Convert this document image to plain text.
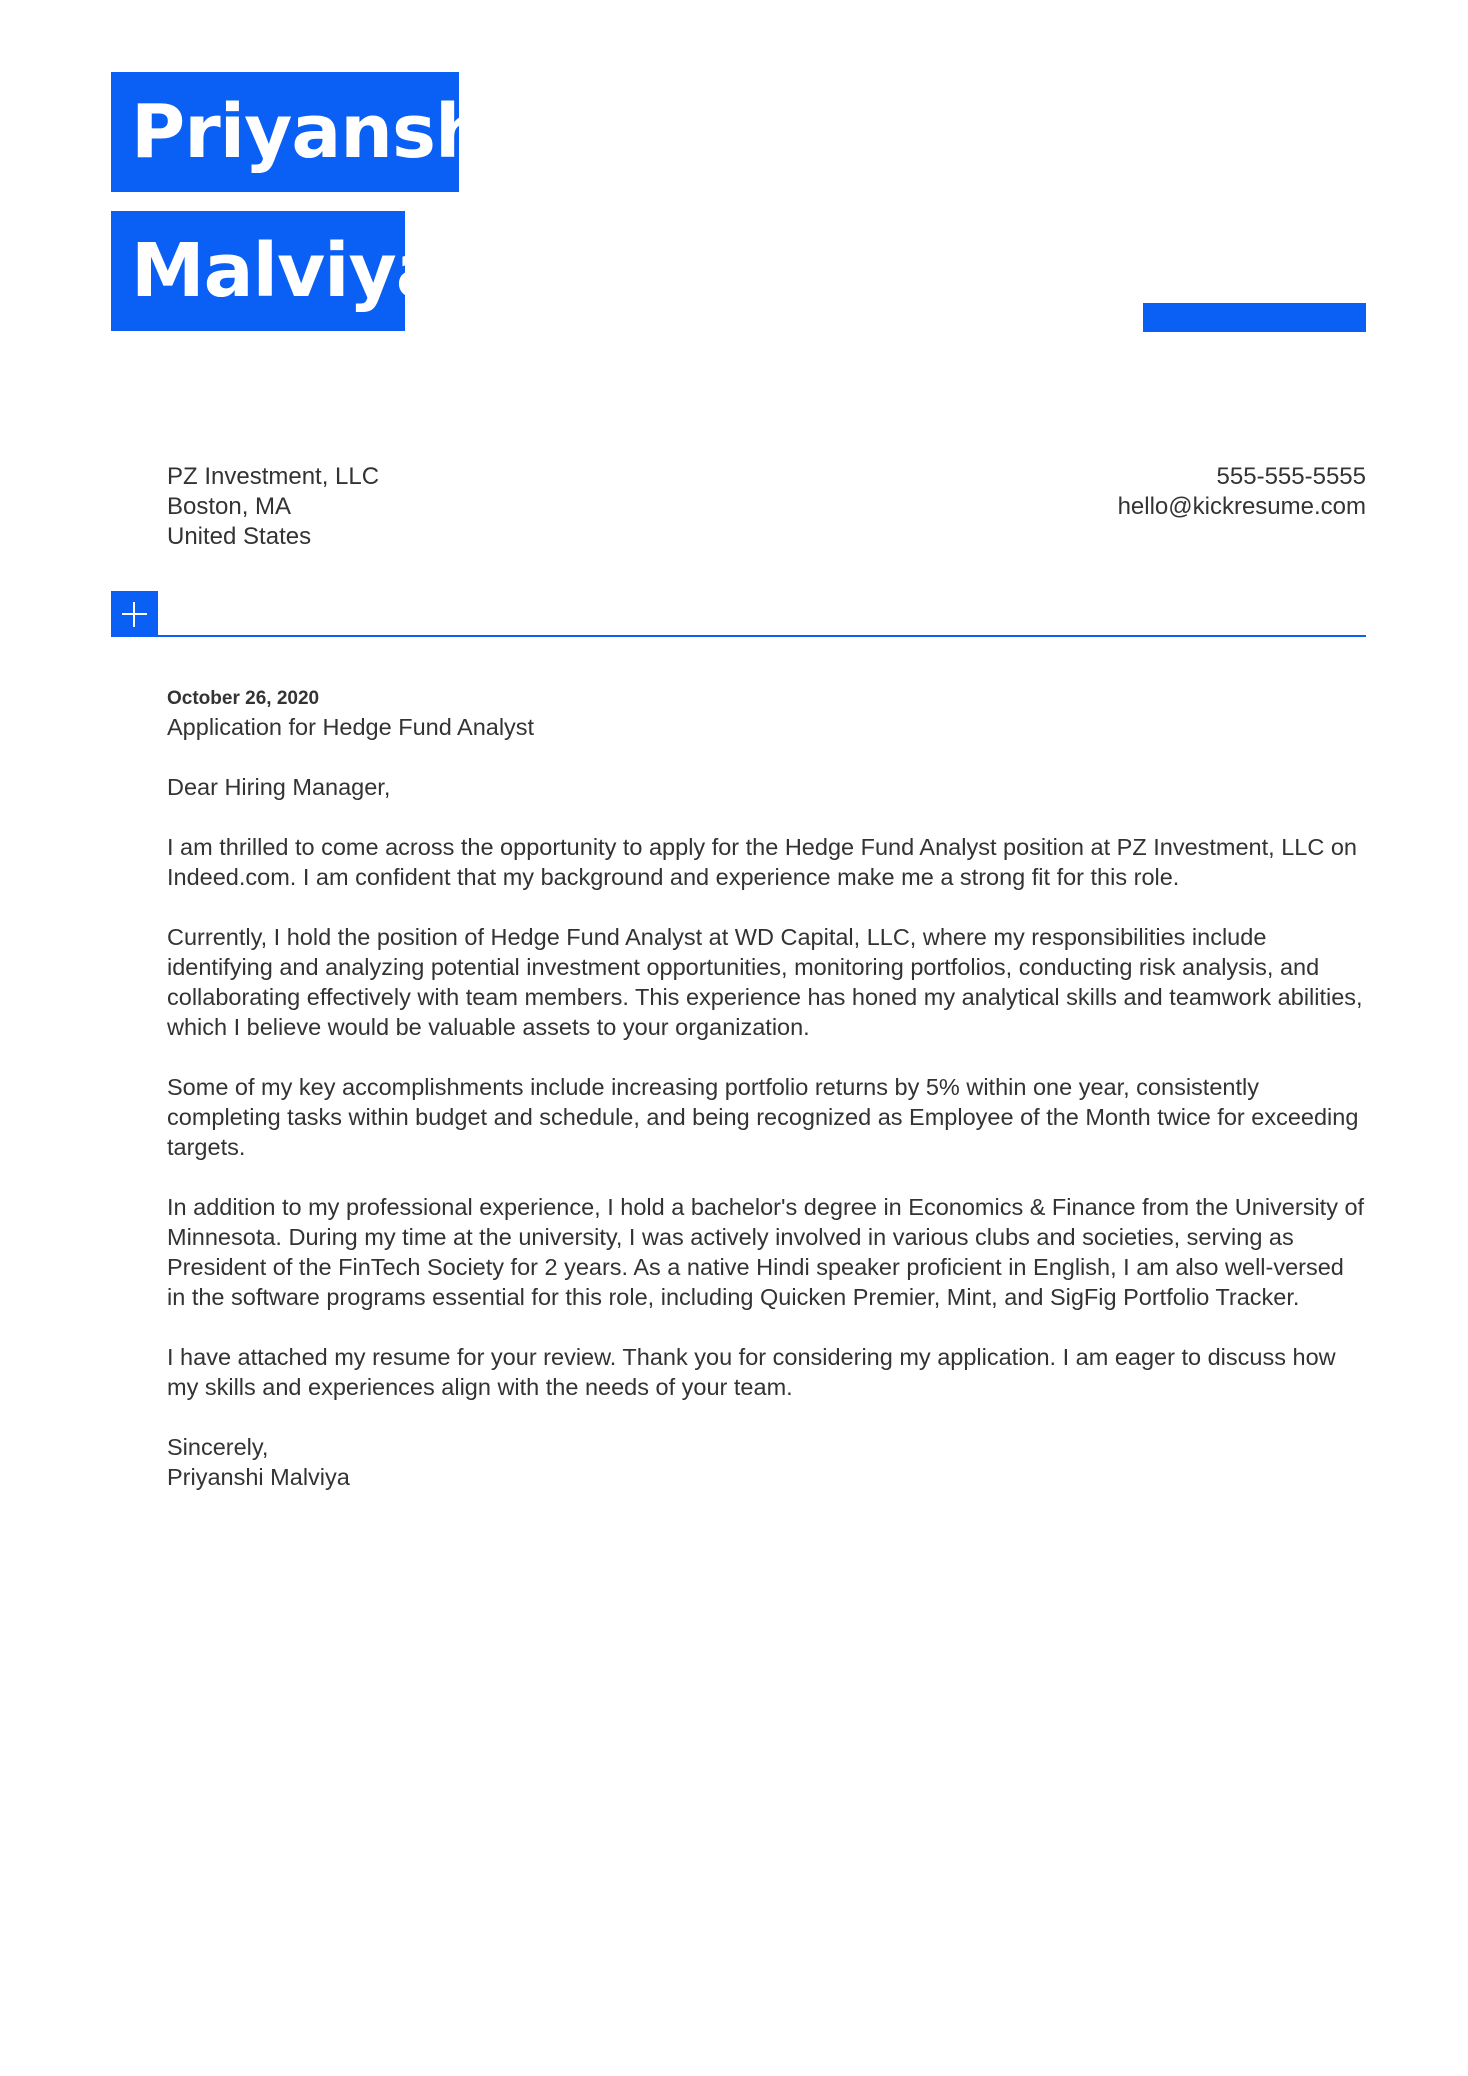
Priyanshi
Malviya
PZ Investment, LLC
Boston, MA
United States
555-555-5555
hello@kickresume.com
October 26, 2020
Application for Hedge Fund Analyst

Dear Hiring Manager,

I am thrilled to come across the opportunity to apply for the Hedge Fund Analyst position at PZ Investment, LLC on Indeed.com. I am confident that my background and experience make me a strong fit for this role.

Currently, I hold the position of Hedge Fund Analyst at WD Capital, LLC, where my responsibilities include identifying and analyzing potential investment opportunities, monitoring portfolios, conducting risk analysis, and collaborating effectively with team members. This experience has honed my analytical skills and teamwork abilities, which I believe would be valuable assets to your organization.

Some of my key accomplishments include increasing portfolio returns by 5% within one year, consistently completing tasks within budget and schedule, and being recognized as Employee of the Month twice for exceeding targets.

In addition to my professional experience, I hold a bachelor's degree in Economics & Finance from the University of Minnesota. During my time at the university, I was actively involved in various clubs and societies, serving as President of the FinTech Society for 2 years. As a native Hindi speaker proficient in English, I am also well-versed in the software programs essential for this role, including Quicken Premier, Mint, and SigFig Portfolio Tracker.

I have attached my resume for your review. Thank you for considering my application. I am eager to discuss how my skills and experiences align with the needs of your team.

Sincerely,
Priyanshi Malviya
